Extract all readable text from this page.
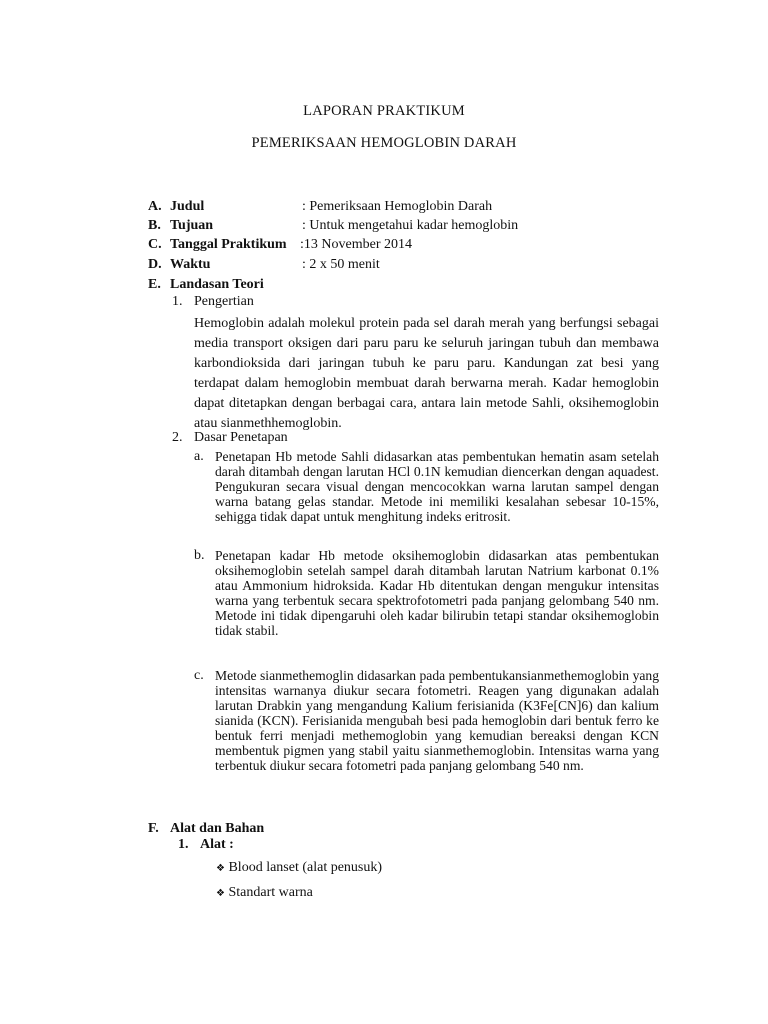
LAPORAN PRAKTIKUM
PEMERIKSAAN HEMOGLOBIN DARAH
A. Judul	: Pemeriksaan Hemoglobin Darah
B. Tujuan	: Untuk mengetahui kadar hemoglobin
C. Tanggal Praktikum :13 November 2014
D. Waktu	: 2 x 50 menit
E. Landasan Teori
1. Pengertian
Hemoglobin adalah molekul protein pada sel darah merah yang berfungsi sebagai media transport oksigen dari paru paru ke seluruh jaringan tubuh dan membawa karbondioksida dari jaringan tubuh ke paru paru. Kandungan zat besi yang terdapat dalam hemoglobin membuat darah berwarna merah. Kadar hemoglobin dapat ditetapkan dengan berbagai cara, antara lain metode Sahli, oksihemoglobin atau sianmethhemoglobin.
2. Dasar Penetapan
a. Penetapan Hb metode Sahli didasarkan atas pembentukan hematin asam setelah darah ditambah dengan larutan HCl 0.1N kemudian diencerkan dengan aquadest. Pengukuran secara visual dengan mencocokkan warna larutan sampel dengan warna batang gelas standar. Metode ini memiliki kesalahan sebesar 10-15%, sehigga tidak dapat untuk menghitung indeks eritrosit.
b. Penetapan kadar Hb metode oksihemoglobin didasarkan atas pembentukan oksihemoglobin setelah sampel darah ditambah larutan Natrium karbonat 0.1% atau Ammonium hidroksida. Kadar Hb ditentukan dengan mengukur intensitas warna yang terbentuk secara spektrofotometri pada panjang gelombang 540 nm. Metode ini tidak dipengaruhi oleh kadar bilirubin tetapi standar oksihemoglobin tidak stabil.
c. Metode sianmethemoglin didasarkan pada pembentukansianmethemoglobin yang intensitas warnanya diukur secara fotometri. Reagen yang digunakan adalah larutan Drabkin yang mengandung Kalium ferisianida (K3Fe[CN]6) dan kalium sianida (KCN). Ferisianida mengubah besi pada hemoglobin dari bentuk ferro ke bentuk ferri menjadi methemoglobin yang kemudian bereaksi dengan KCN membentuk pigmen yang stabil yaitu sianmethemoglobin. Intensitas warna yang terbentuk diukur secara fotometri pada panjang gelombang 540 nm.
F. Alat dan Bahan
1. Alat :
❖ Blood lanset (alat penusuk)
❖ Standart warna
